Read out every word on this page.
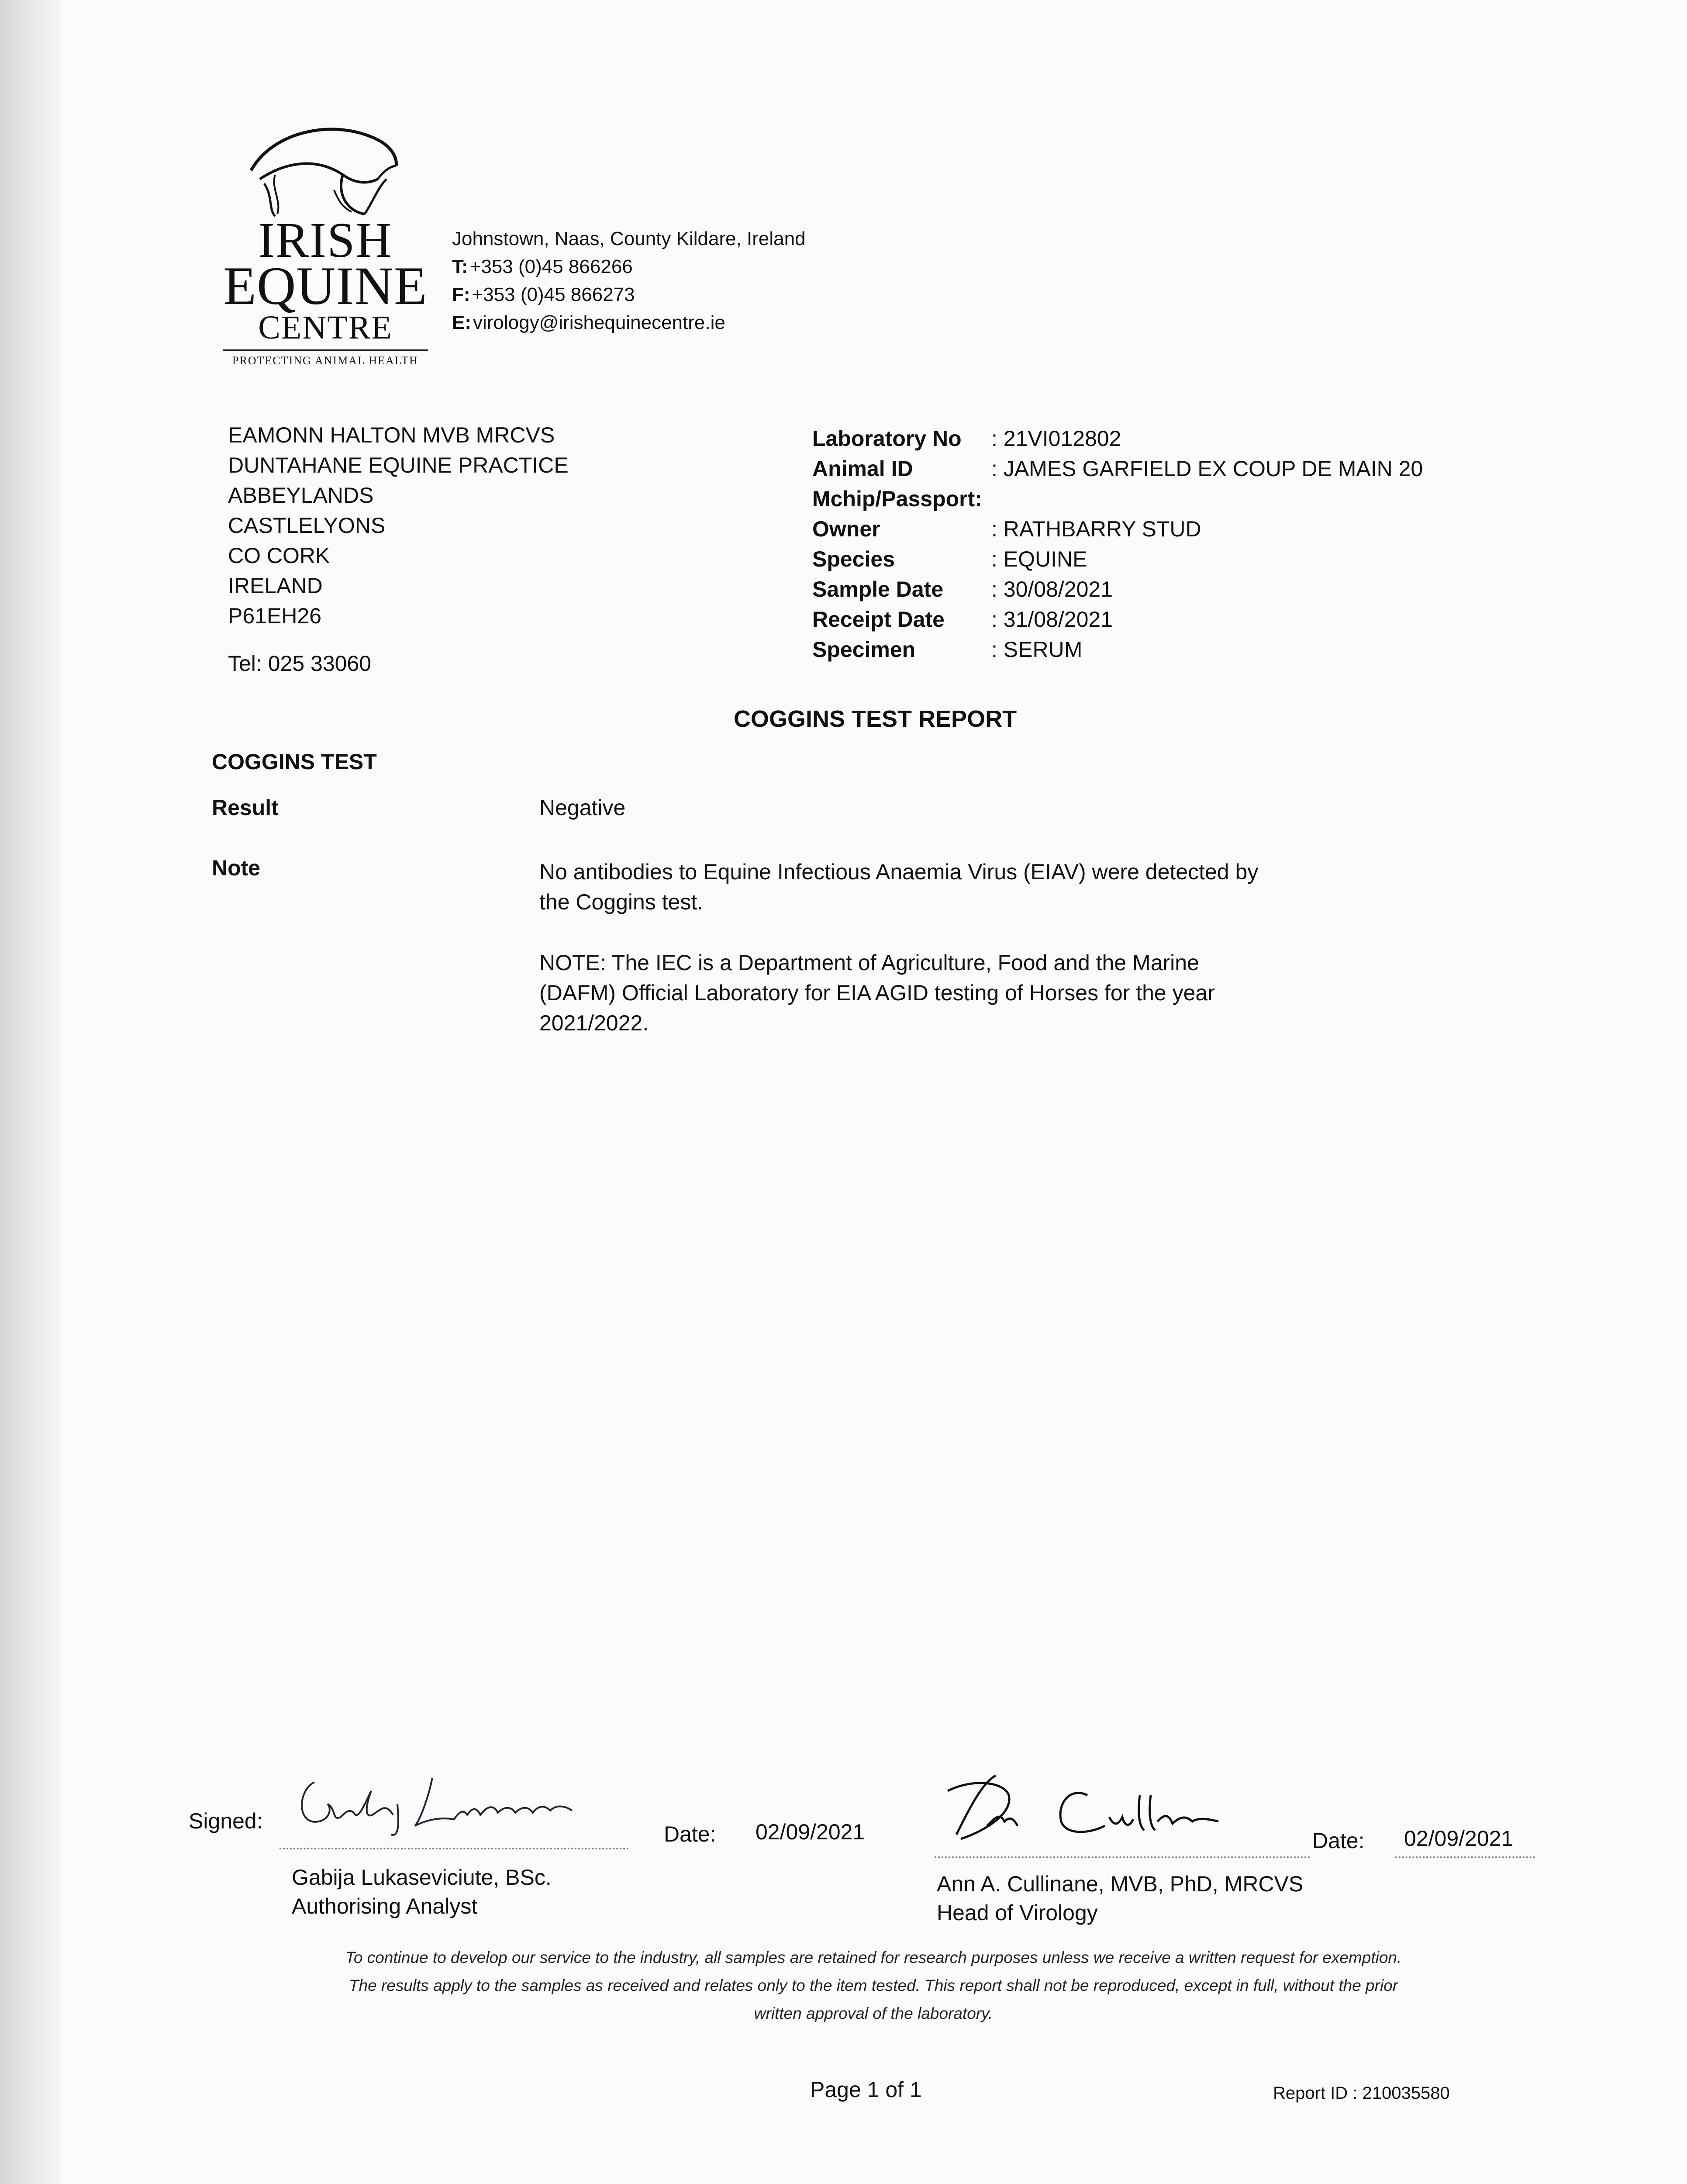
IRISH
EQUINE
CENTRE
PROTECTING ANIMAL HEALTH
Johnstown, Naas, County Kildare, Ireland
T:+353 (0)45 866266
F:+353 (0)45 866273
E:virology@irishequinecentre.ie
EAMONN HALTON MVB MRCVS
DUNTAHANE EQUINE PRACTICE
ABBEYLANDS
CASTLELYONS
CO CORK
IRELAND
P61EH26
Tel: 025 33060
Laboratory No	: 21VI012802
Animal ID	: JAMES GARFIELD EX COUP DE MAIN 20
Mchip/Passport:
Owner	: RATHBARRY STUD
Species	: EQUINE
Sample Date	: 30/08/2021
Receipt Date	: 31/08/2021
Specimen	: SERUM
COGGINS TEST REPORT
COGGINS TEST
Result	Negative
Note	No antibodies to Equine Infectious Anaemia Virus (EIAV) were detected by
the Coggins test.
NOTE: The IEC is a Department of Agriculture, Food and the Marine
(DAFM) Official Laboratory for EIA AGID testing of Horses for the year
2021/2022.
Signed:
Date: 02/09/2021
Gabija Lukaseviciute, BSc.
Authorising Analyst
Date: 02/09/2021
Ann A. Cullinane, MVB, PhD, MRCVS
Head of Virology
To continue to develop our service to the industry, all samples are retained for research purposes unless we receive a written request for exemption.
The results apply to the samples as received and relates only to the item tested. This report shall not be reproduced, except in full, without the prior
written approval of the laboratory.
Page 1 of 1	Report ID : 210035580
